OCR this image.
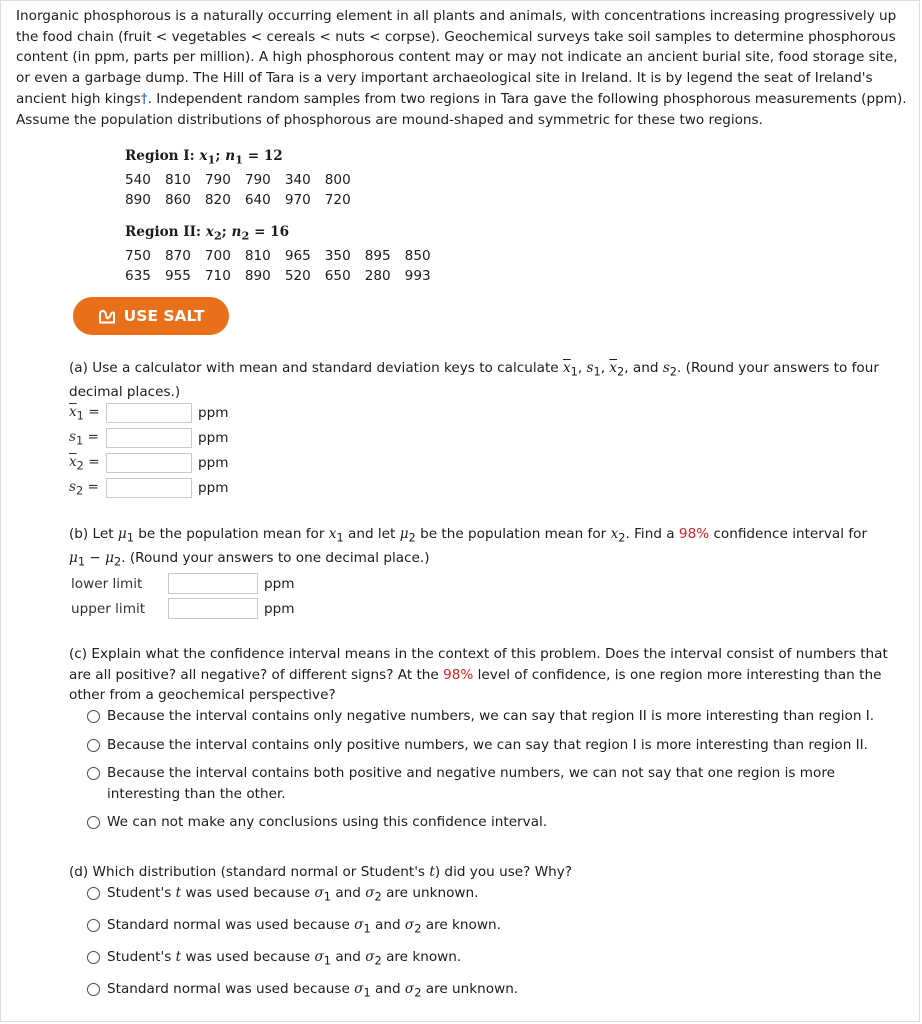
Inorganic phosphorous is a naturally occurring element in all plants and animals, with concentrations increasing progressively up the food chain (fruit < vegetables < cereals < nuts < corpse). Geochemical surveys take soil samples to determine phosphorous content (in ppm, parts per million). A high phosphorous content may or may not indicate an ancient burial site, food storage site, or even a garbage dump. The Hill of Tara is a very important archaeological site in Ireland. It is by legend the seat of Ireland's ancient high kings†. Independent random samples from two regions in Tara gave the following phosphorous measurements (ppm). Assume the population distributions of phosphorous are mound-shaped and symmetric for these two regions.
Region I: $x_1$; $n_1 = 12$
540 810 790 790 340 800
890 860 820 640 970 720
Region II: $x_2$; $n_2 = 16$
750 870 700 810 965 350 895 850
635 955 710 890 520 650 280 993
USE SALT
(a) Use a calculator with mean and standard deviation keys to calculate $\overline{x}_1$, $s_1$, $\overline{x}_2$, and $s_2$. (Round your answers to four decimal places.)
$\overline{x}_1$ =	ppm
$s_1$ =	ppm
$\overline{x}_2$ =	ppm
$s_2$ =	ppm
(b) Let $\mu_1$ be the population mean for $x_1$ and let $\mu_2$ be the population mean for $x_2$. Find a 98% confidence interval for
$\mu_1 - \mu_2$. (Round your answers to one decimal place.)
lower limit	ppm
upper limit	ppm
(c) Explain what the confidence interval means in the context of this problem. Does the interval consist of numbers that are all positive? all negative? of different signs? At the 98% level of confidence, is one region more interesting than the other from a geochemical perspective?
Because the interval contains only negative numbers, we can say that region II is more interesting than region I.
Because the interval contains only positive numbers, we can say that region I is more interesting than region II.
Because the interval contains both positive and negative numbers, we can not say that one region is more interesting than the other.
We can not make any conclusions using this confidence interval.
(d) Which distribution (standard normal or Student's t) did you use? Why?
Student's t was used because $\sigma_1$ and $\sigma_2$ are unknown.
Standard normal was used because $\sigma_1$ and $\sigma_2$ are known.
Student's t was used because $\sigma_1$ and $\sigma_2$ are known.
Standard normal was used because $\sigma_1$ and $\sigma_2$ are unknown.
